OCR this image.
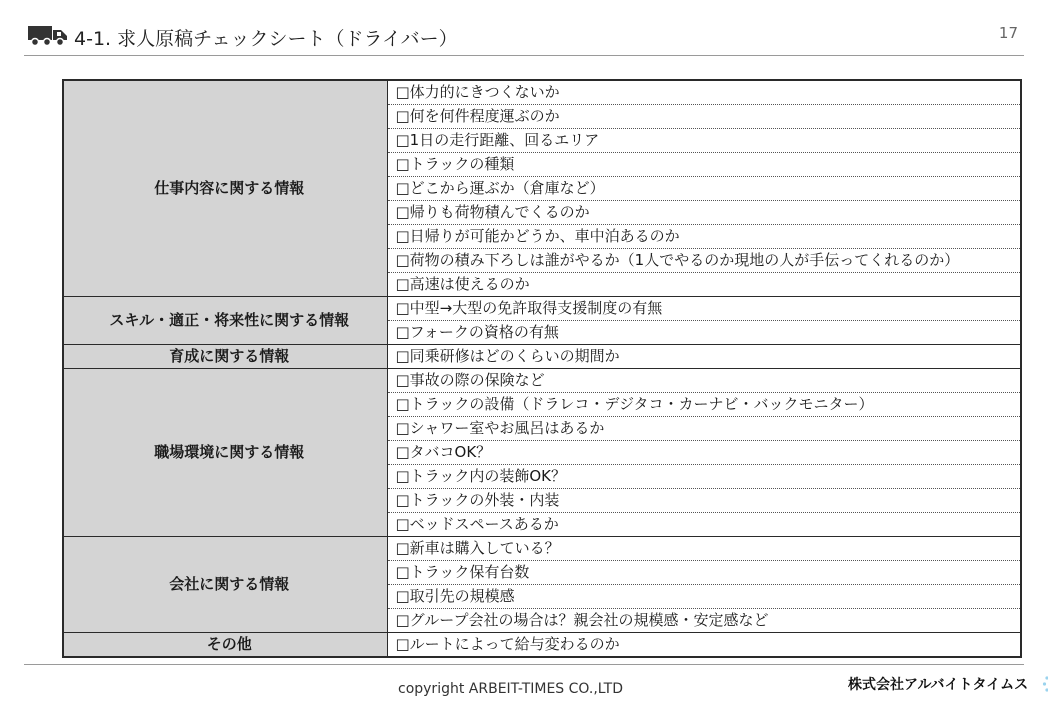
4-1. 求人原稿チェックシート（ドライバー）	17
仕事内容に関する情報	□体力的にきつくないか
	□何を何件程度運ぶのか
	□1日の走行距離、回るエリア
	□トラックの種類
	□どこから運ぶか（倉庫など）
	□帰りも荷物積んでくるのか
	□日帰りが可能かどうか、車中泊あるのか
	□荷物の積み下ろしは誰がやるか（1人でやるのか現地の人が手伝ってくれるのか）
	□高速は使えるのか
スキル・適正・将来性に関する情報	□中型→大型の免許取得支援制度の有無
	□フォークの資格の有無
育成に関する情報	□同乗研修はどのくらいの期間か
職場環境に関する情報	□事故の際の保険など
	□トラックの設備（ドラレコ・デジタコ・カーナビ・バックモニター）
	□シャワー室やお風呂はあるか
	□タバコOK？
	□トラック内の装飾OK？
	□トラックの外装・内装
	□ベッドスペースあるか
会社に関する情報	□新車は購入している？
	□トラック保有台数
	□取引先の規模感
	□グループ会社の場合は？親会社の規模感・安定感など
その他	□ルートによって給与変わるのか
copyright ARBEIT-TIMES CO.,LTD	株式会社アルバイトタイムス
